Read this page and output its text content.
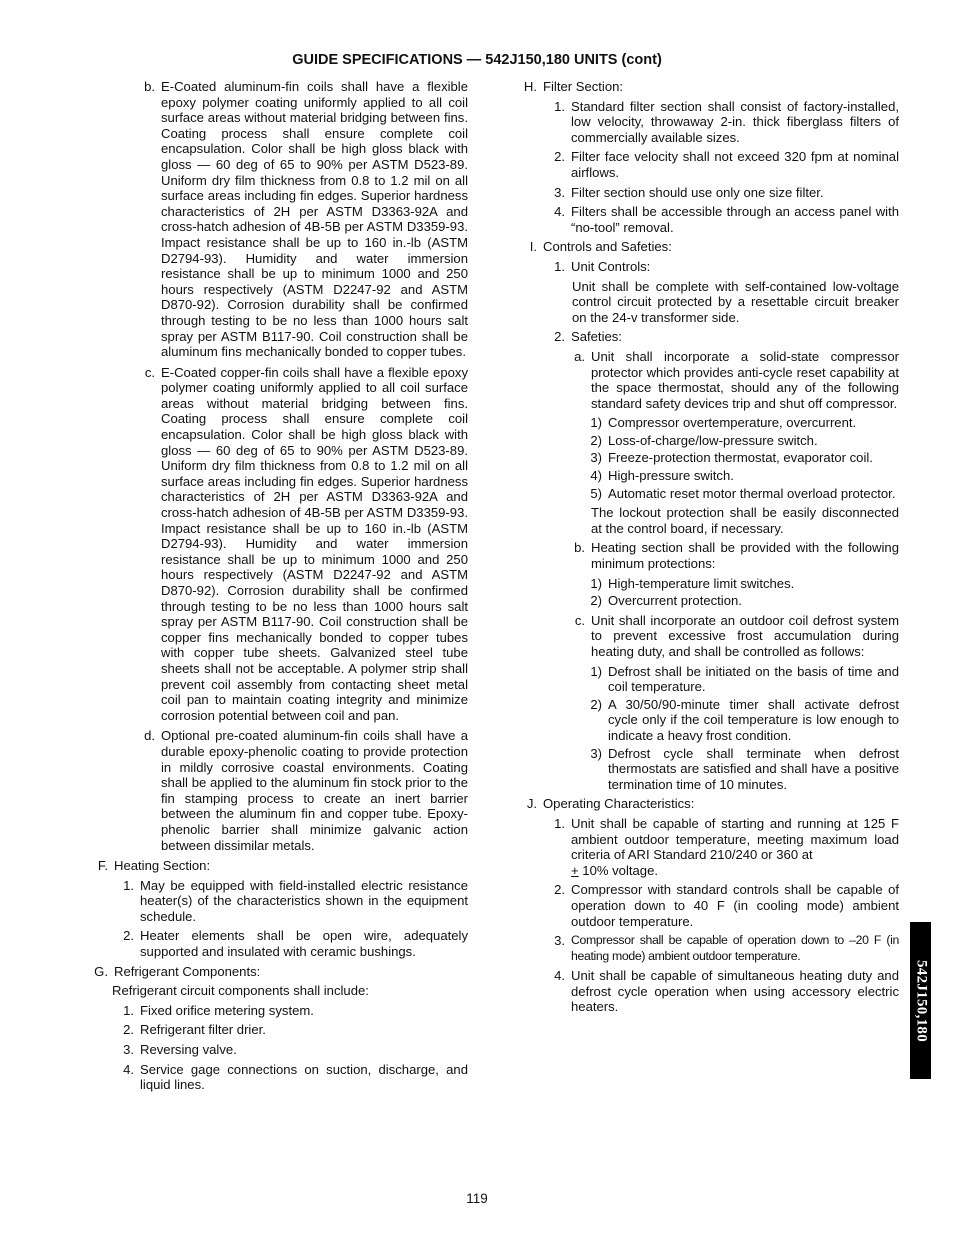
GUIDE SPECIFICATIONS — 542J150,180 UNITS (cont)
b. E-Coated aluminum-fin coils shall have a flexible epoxy polymer coating uniformly applied to all coil surface areas without material bridging between fins. Coating process shall ensure complete coil encapsulation. Color shall be high gloss black with gloss — 60 deg of 65 to 90% per ASTM D523-89. Uniform dry film thickness from 0.8 to 1.2 mil on all surface areas including fin edges. Superior hardness characteristics of 2H per ASTM D3363-92A and cross-hatch adhesion of 4B-5B per ASTM D3359-93. Impact resistance shall be up to 160 in.-lb (ASTM D2794-93). Humidity and water immersion resistance shall be up to minimum 1000 and 250 hours respectively (ASTM D2247-92 and ASTM D870-92). Corrosion durability shall be confirmed through testing to be no less than 1000 hours salt spray per ASTM B117-90. Coil construction shall be aluminum fins mechanically bonded to copper tubes.
c. E-Coated copper-fin coils shall have a flexible epoxy polymer coating uniformly applied to all coil surface areas without material bridging between fins. Coating process shall ensure complete coil encapsulation. Color shall be high gloss black with gloss — 60 deg of 65 to 90% per ASTM D523-89. Uniform dry film thickness from 0.8 to 1.2 mil on all surface areas including fin edges. Superior hardness characteristics of 2H per ASTM D3363-92A and cross-hatch adhesion of 4B-5B per ASTM D3359-93. Impact resistance shall be up to 160 in.-lb (ASTM D2794-93). Humidity and water immersion resistance shall be up to minimum 1000 and 250 hours respectively (ASTM D2247-92 and ASTM D870-92). Corrosion durability shall be confirmed through testing to be no less than 1000 hours salt spray per ASTM B117-90. Coil construction shall be copper fins mechanically bonded to copper tubes with copper tube sheets. Galvanized steel tube sheets shall not be acceptable. A polymer strip shall prevent coil assembly from contacting sheet metal coil pan to maintain coating integrity and minimize corrosion potential between coil and pan.
d. Optional pre-coated aluminum-fin coils shall have a durable epoxy-phenolic coating to provide protection in mildly corrosive coastal environments. Coating shall be applied to the aluminum fin stock prior to the fin stamping process to create an inert barrier between the aluminum fin and copper tube. Epoxy-phenolic barrier shall minimize galvanic action between dissimilar metals.
F. Heating Section:
1. May be equipped with field-installed electric resistance heater(s) of the characteristics shown in the equipment schedule.
2. Heater elements shall be open wire, adequately supported and insulated with ceramic bushings.
G. Refrigerant Components:
Refrigerant circuit components shall include:
1. Fixed orifice metering system.
2. Refrigerant filter drier.
3. Reversing valve.
4. Service gage connections on suction, discharge, and liquid lines.
H. Filter Section:
1. Standard filter section shall consist of factory-installed, low velocity, throwaway 2-in. thick fiberglass filters of commercially available sizes.
2. Filter face velocity shall not exceed 320 fpm at nominal airflows.
3. Filter section should use only one size filter.
4. Filters shall be accessible through an access panel with “no-tool” removal.
I. Controls and Safeties:
1. Unit Controls:
Unit shall be complete with self-contained low-voltage control circuit protected by a resettable circuit breaker on the 24-v transformer side.
2. Safeties:
a. Unit shall incorporate a solid-state compressor protector which provides anti-cycle reset capability at the space thermostat, should any of the following standard safety devices trip and shut off compressor.
1) Compressor overtemperature, overcurrent.
2) Loss-of-charge/low-pressure switch.
3) Freeze-protection thermostat, evaporator coil.
4) High-pressure switch.
5) Automatic reset motor thermal overload protector.
The lockout protection shall be easily disconnected at the control board, if necessary.
b. Heating section shall be provided with the following minimum protections:
1) High-temperature limit switches.
2) Overcurrent protection.
c. Unit shall incorporate an outdoor coil defrost system to prevent excessive frost accumulation during heating duty, and shall be controlled as follows:
1) Defrost shall be initiated on the basis of time and coil temperature.
2) A 30/50/90-minute timer shall activate defrost cycle only if the coil temperature is low enough to indicate a heavy frost condition.
3) Defrost cycle shall terminate when defrost thermostats are satisfied and shall have a positive termination time of 10 minutes.
J. Operating Characteristics:
1. Unit shall be capable of starting and running at 125 F ambient outdoor temperature, meeting maximum load criteria of ARI Standard 210/240 or 360 at
+ 10% voltage.
2. Compressor with standard controls shall be capable of operation down to 40 F (in cooling mode) ambient outdoor temperature.
3. Compressor shall be capable of operation down to –20 F (in heating mode) ambient outdoor temperature.
4. Unit shall be capable of simultaneous heating duty and defrost cycle operation when using accessory electric heaters.	542J150,180
119
